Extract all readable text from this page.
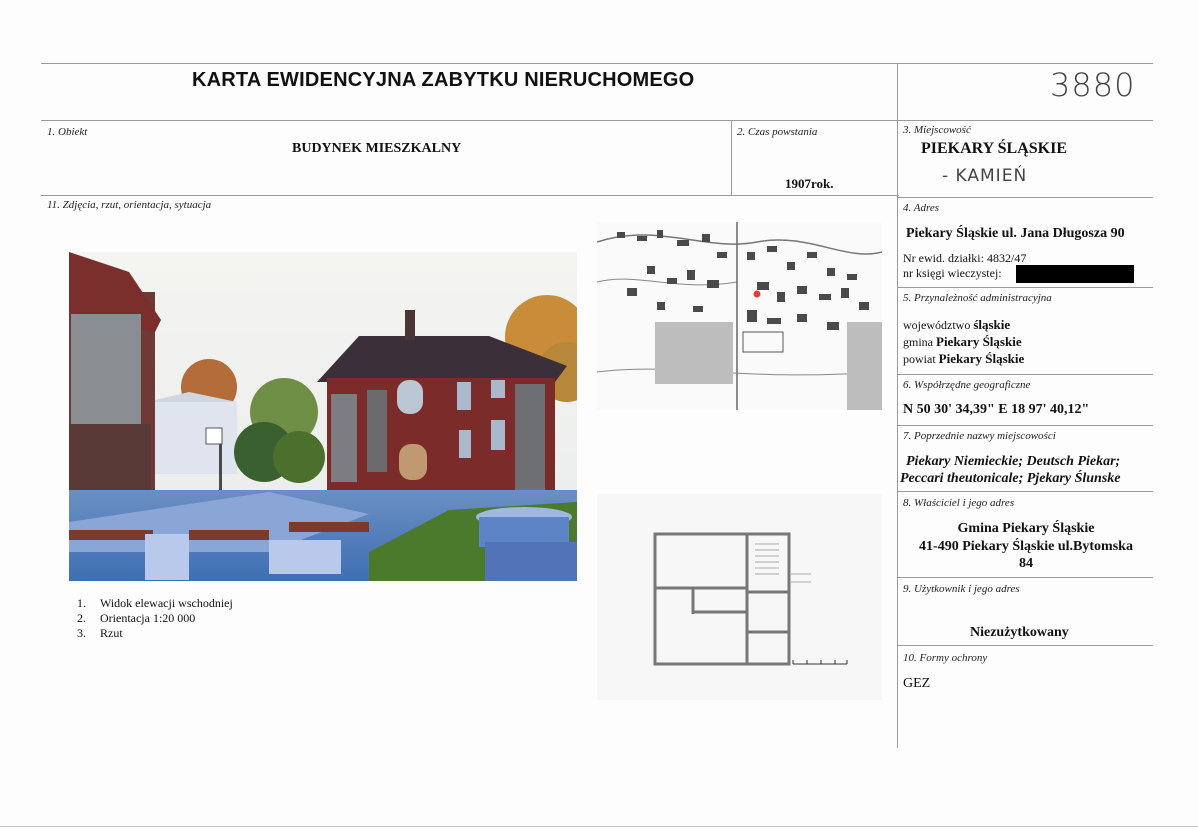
KARTA EWIDENCYJNA ZABYTKU NIERUCHOMEGO	3880
1. Obiekt
BUDYNEK MIESZKALNY
2. Czas powstania
1907rok.
3. Miejscowość
PIEKARY ŚLĄSKIE
- KAMIEŃ
11. Zdjęcia, rzut, orientacja, sytuacja
1. Widok elewacji wschodniej
2. Orientacja 1:20 000
3. Rzut
4. Adres
Piekary Śląskie ul. Jana Długosza 90
Nr ewid. działki: 4832/47
nr księgi wieczystej:
5. Przynależność administracyjna
województwo śląskie
gmina Piekary Śląskie
powiat Piekary Śląskie
6. Współrzędne geograficzne
N 50 30' 34,39" E 18 97' 40,12"
7. Poprzednie nazwy miejscowości
Piekary Niemieckie; Deutsch Piekar;
Peccari theutonicale; Pjekary Ślunske
8. Właściciel i jego adres
Gmina Piekary Śląskie
41-490 Piekary Śląskie ul.Bytomska
84
9. Użytkownik i jego adres
Niezużytkowany
10. Formy ochrony
GEZ
